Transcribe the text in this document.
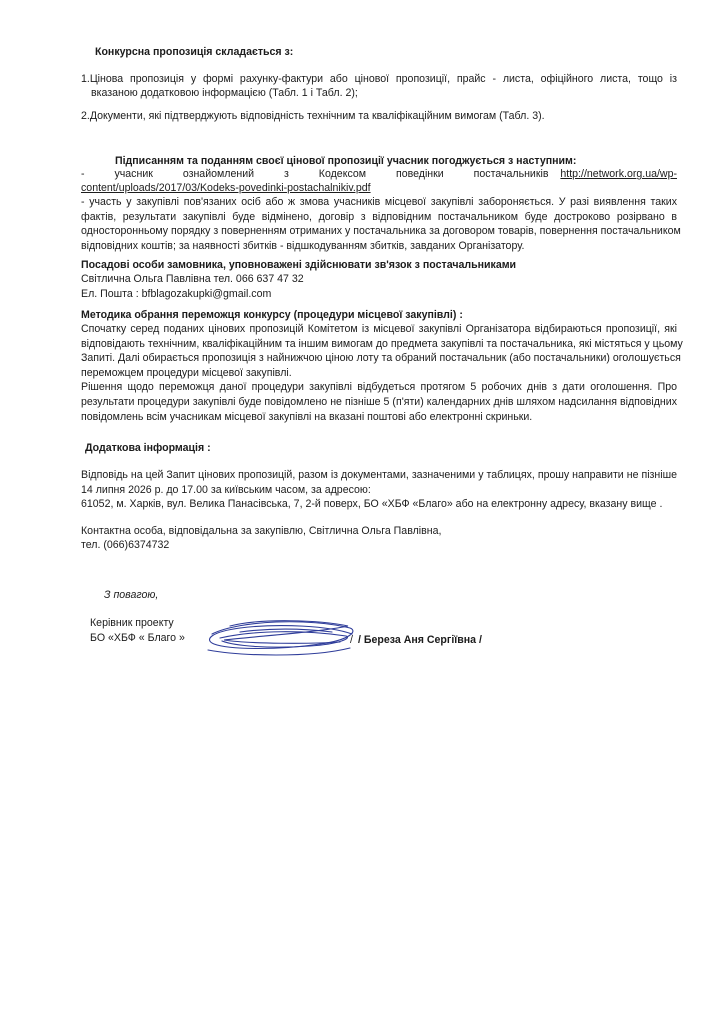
Конкурсна пропозиція складається з:
1.Цінова пропозиція у формі рахунку-фактури або цінової пропозиції, прайс - листа, офіційного листа, тощо із
вказаною додатковою інформацією (Табл. 1 і Табл. 2);
2.Документи, які підтверджують відповідність технічним та кваліфікаційним вимогам (Табл. 3).
Підписанням та поданням своєї цінової пропозиції учасник погоджується з наступним:
- учасник ознайомлений з Кодексом поведінки постачальників http://network.org.ua/wp-
content/uploads/2017/03/Kodeks-povedinki-postachalnikiv.pdf
- участь у закупівлі пов'язаних осіб або ж змова учасників місцевої закупівлі забороняється. У разі виявлення таких
фактів, результати закупівлі буде відмінено, договір з відповідним постачальником буде достроково розірвано в
односторонньому порядку з поверненням отриманих у постачальника за договором товарів, повернення постачальником
відповідних коштів; за наявності збитків - відшкодуванням збитків, завданих Організатору.
Посадові особи замовника, уповноважені здійснювати зв'язок з постачальниками
Світлична Ольга Павлівна тел. 066 637 47 32
Ел. Пошта : bfblagozakupki@gmail.com
Методика обрання переможця конкурсу (процедури місцевої закупівлі) :
Спочатку серед поданих цінових пропозицій Комітетом із місцевої закупівлі Організатора відбираються пропозиції, які
відповідають технічним, кваліфікаційним та іншим вимогам до предмета закупівлі та постачальника, які містяться у цьому
Запиті. Далі обирається пропозиція з найнижчою ціною лоту та обраний постачальник (або постачальники) оголошується
переможцем процедури місцевої закупівлі.
Рішення щодо переможця даної процедури закупівлі відбудеться протягом 5 робочих днів з дати оголошення. Про
результати процедури закупівлі буде повідомлено не пізніше 5 (п'яти) календарних днів шляхом надсилання відповідних
повідомлень всім учасникам місцевої закупівлі на вказані поштові або електронні скриньки.
Додаткова інформація :
Відповідь на цей Запит цінових пропозицій, разом із документами, зазначеними у таблицях, прошу направити не пізніше
14 липня 2026 р. до 17.00 за київським часом, за адресою:
61052, м. Харків, вул. Велика Панасівська, 7, 2-й поверх, БО «ХБФ «Благо» або на електронну адресу, вказану вище .
Контактна особа, відповідальна за закупівлю, Світлична Ольга Павлівна,
тел. (066)6374732
З повагою,
Керівник проекту
БО «ХБФ « Благо »	/ / Береза Аня Сергіївна /
